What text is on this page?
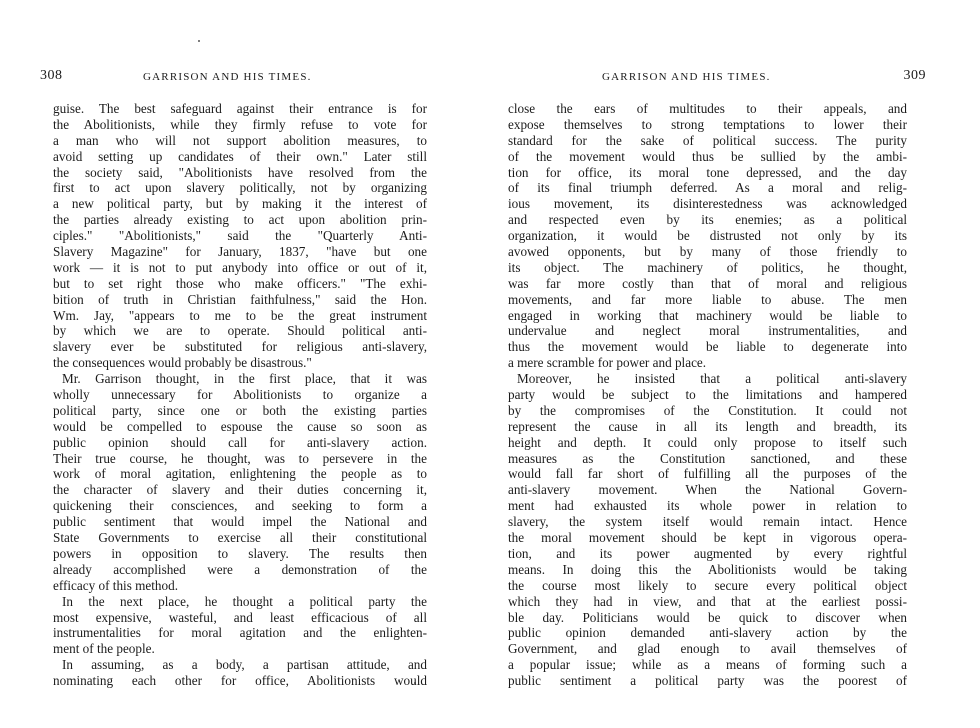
308	GARRISON AND HIS TIMES.
guise. The best safeguard against their entrance is for
the Abolitionists, while they firmly refuse to vote for
a man who will not support abolition measures, to
avoid setting up candidates of their own." Later still
the society said, "Abolitionists have resolved from the
first to act upon slavery politically, not by organizing
a new political party, but by making it the interest of
the parties already existing to act upon abolition prin-
ciples." "Abolitionists," said the "Quarterly Anti-
Slavery Magazine" for January, 1837, "have but one
work — it is not to put anybody into office or out of it,
but to set right those who make officers." "The exhi-
bition of truth in Christian faithfulness," said the Hon.
Wm. Jay, "appears to me to be the great instrument
by which we are to operate. Should political anti-
slavery ever be substituted for religious anti-slavery,
the consequences would probably be disastrous."
Mr. Garrison thought, in the first place, that it was
wholly unnecessary for Abolitionists to organize a
political party, since one or both the existing parties
would be compelled to espouse the cause so soon as
public opinion should call for anti-slavery action.
Their true course, he thought, was to persevere in the
work of moral agitation, enlightening the people as to
the character of slavery and their duties concerning it,
quickening their consciences, and seeking to form a
public sentiment that would impel the National and
State Governments to exercise all their constitutional
powers in opposition to slavery. The results then
already accomplished were a demonstration of the
efficacy of this method.
In the next place, he thought a political party the
most expensive, wasteful, and least efficacious of all
instrumentalities for moral agitation and the enlighten-
ment of the people.
In assuming, as a body, a partisan attitude, and
nominating each other for office, Abolitionists would
GARRISON AND HIS TIMES.	309
close the ears of multitudes to their appeals, and
expose themselves to strong temptations to lower their
standard for the sake of political success. The purity
of the movement would thus be sullied by the ambi-
tion for office, its moral tone depressed, and the day
of its final triumph deferred. As a moral and relig-
ious movement, its disinterestedness was acknowledged
and respected even by its enemies; as a political
organization, it would be distrusted not only by its
avowed opponents, but by many of those friendly to
its object. The machinery of politics, he thought,
was far more costly than that of moral and religious
movements, and far more liable to abuse. The men
engaged in working that machinery would be liable to
undervalue and neglect moral instrumentalities, and
thus the movement would be liable to degenerate into
a mere scramble for power and place.
Moreover, he insisted that a political anti-slavery
party would be subject to the limitations and hampered
by the compromises of the Constitution. It could not
represent the cause in all its length and breadth, its
height and depth. It could only propose to itself such
measures as the Constitution sanctioned, and these
would fall far short of fulfilling all the purposes of the
anti-slavery movement. When the National Govern-
ment had exhausted its whole power in relation to
slavery, the system itself would remain intact. Hence
the moral movement should be kept in vigorous opera-
tion, and its power augmented by every rightful
means. In doing this the Abolitionists would be taking
the course most likely to secure every political object
which they had in view, and that at the earliest possi-
ble day. Politicians would be quick to discover when
public opinion demanded anti-slavery action by the
Government, and glad enough to avail themselves of
a popular issue; while as a means of forming such a
public sentiment a political party was the poorest of
